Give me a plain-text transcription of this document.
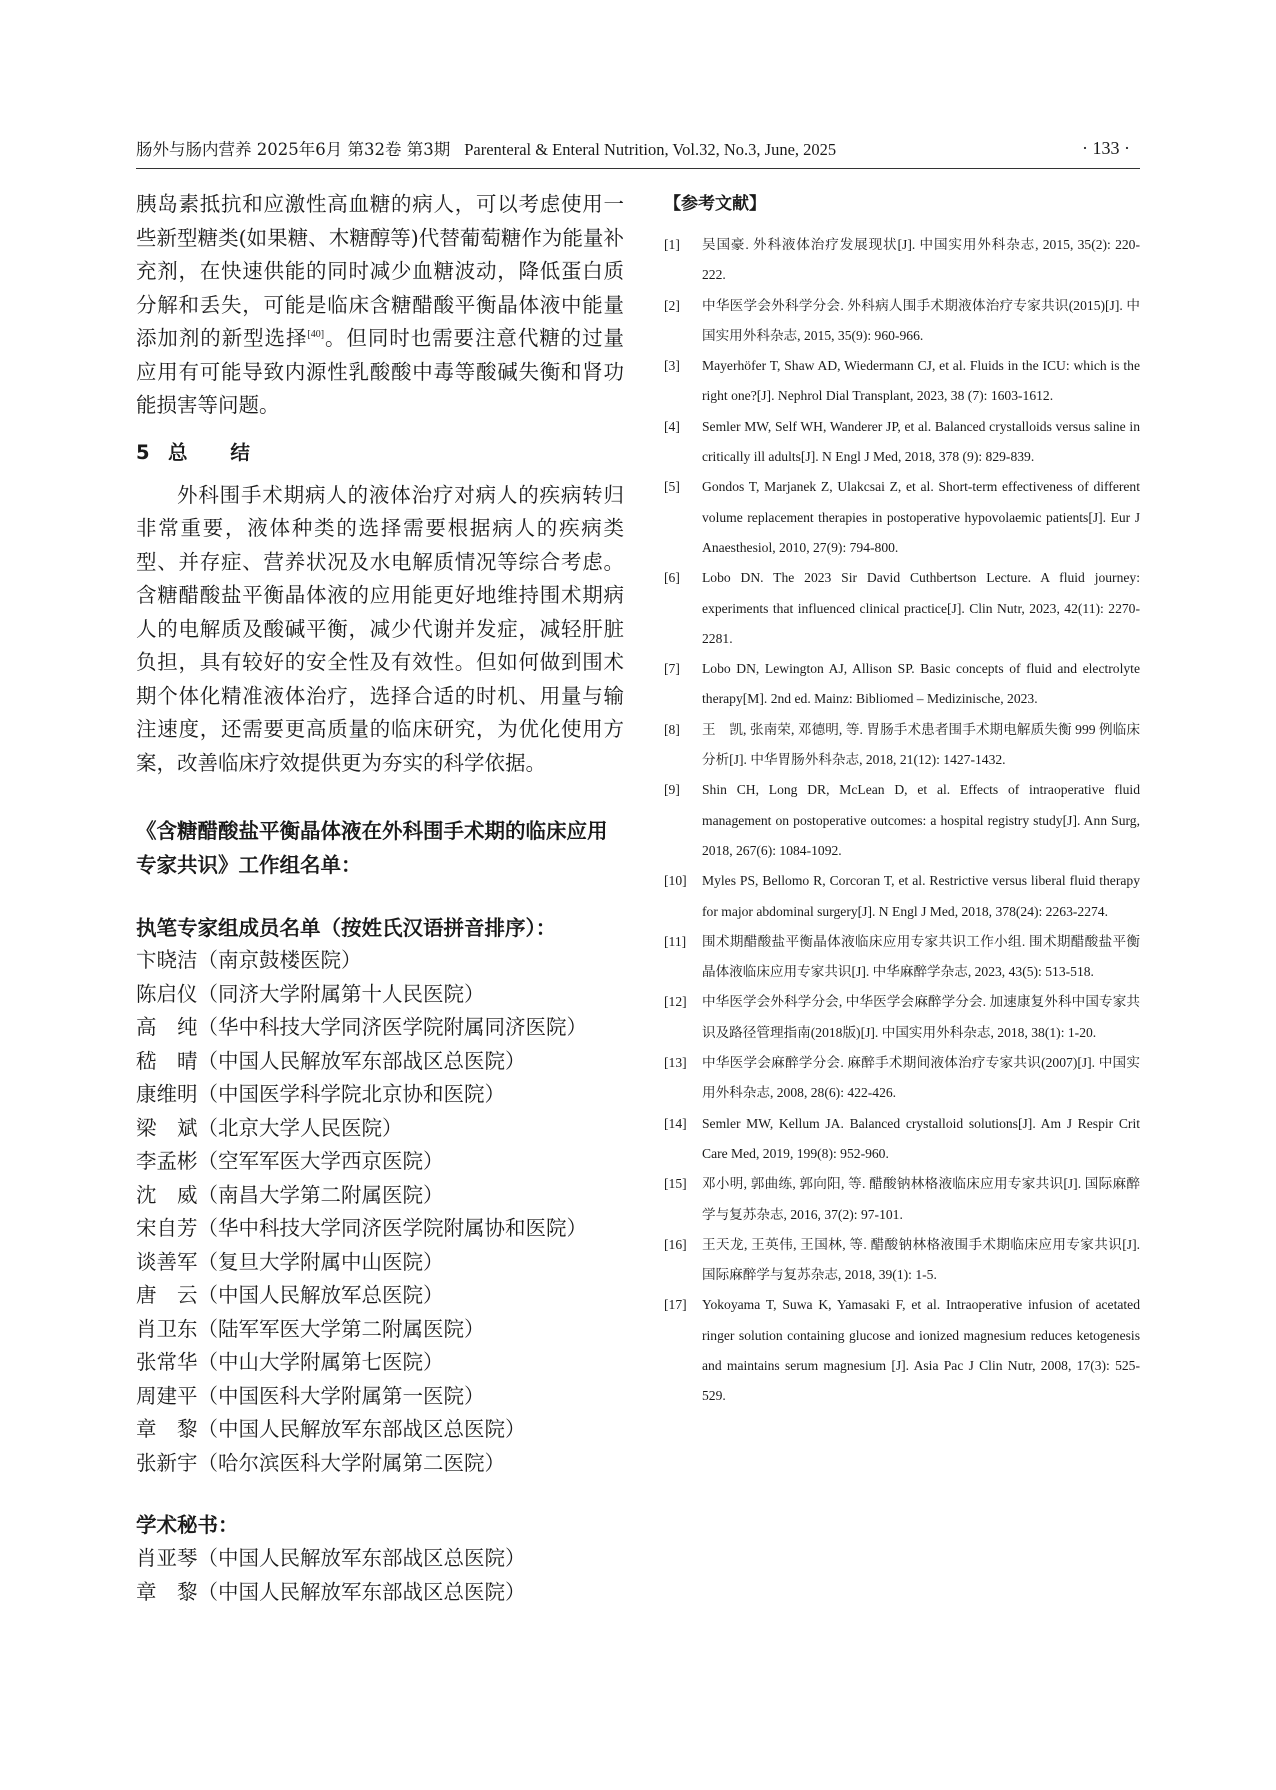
肠外与肠内营养 2025年6月 第32卷 第3期 Parenteral & Enteral Nutrition, Vol.32, No.3, June, 2025	· 133 ·

胰岛素抵抗和应激性高血糖的病人，可以考虑使用一些新型糖类(如果糖、木糖醇等)代替葡萄糖作为能量补充剂，在快速供能的同时减少血糖波动，降低蛋白质分解和丢失，可能是临床含糖醋酸平衡晶体液中能量添加剂的新型选择[40]。但同时也需要注意代糖的过量应用有可能导致内源性乳酸酸中毒等酸碱失衡和肾功能损害等问题。

5 总结

外科围手术期病人的液体治疗对病人的疾病转归非常重要，液体种类的选择需要根据病人的疾病类型、并存症、营养状况及水电解质情况等综合考虑。含糖醋酸盐平衡晶体液的应用能更好地维持围术期病人的电解质及酸碱平衡，减少代谢并发症，减轻肝脏负担，具有较好的安全性及有效性。但如何做到围术期个体化精准液体治疗，选择合适的时机、用量与输注速度，还需要更高质量的临床研究，为优化使用方案，改善临床疗效提供更为夯实的科学依据。

《含糖醋酸盐平衡晶体液在外科围手术期的临床应用专家共识》工作组名单：
执笔专家组成员名单（按姓氏汉语拼音排序）：
卞晓洁（南京鼓楼医院）
陈启仪（同济大学附属第十人民医院）
高　纯（华中科技大学同济医学院附属同济医院）
嵇　晴（中国人民解放军东部战区总医院）
康维明（中国医学科学院北京协和医院）
梁　斌（北京大学人民医院）
李孟彬（空军军医大学西京医院）
沈　威（南昌大学第二附属医院）
宋自芳（华中科技大学同济医学院附属协和医院）
谈善军（复旦大学附属中山医院）
唐　云（中国人民解放军总医院）
肖卫东（陆军军医大学第二附属医院）
张常华（中山大学附属第七医院）
周建平（中国医科大学附属第一医院）
章　黎（中国人民解放军东部战区总医院）
张新宇（哈尔滨医科大学附属第二医院）
学术秘书：
肖亚琴（中国人民解放军东部战区总医院）
章　黎（中国人民解放军东部战区总医院）
【参考文献】
[1] 吴国豪. 外科液体治疗发展现状[J]. 中国实用外科杂志, 2015, 35(2): 220-222.
[2] 中华医学会外科学分会. 外科病人围手术期液体治疗专家共识(2015)[J]. 中国实用外科杂志, 2015, 35(9): 960-966.
[3] Mayerhöfer T, Shaw AD, Wiedermann CJ, et al. Fluids in the ICU: which is the right one?[J]. Nephrol Dial Transplant, 2023, 38 (7): 1603-1612.
[4] Semler MW, Self WH, Wanderer JP, et al. Balanced crystalloids versus saline in critically ill adults[J]. N Engl J Med, 2018, 378 (9): 829-839.
[5] Gondos T, Marjanek Z, Ulakcsai Z, et al. Short-term effectiveness of different volume replacement therapies in postoperative hypovolaemic patients[J]. Eur J Anaesthesiol, 2010, 27(9): 794-800.
[6] Lobo DN. The 2023 Sir David Cuthbertson Lecture. A fluid journey: experiments that influenced clinical practice[J]. Clin Nutr, 2023, 42(11): 2270-2281.
[7] Lobo DN, Lewington AJ, Allison SP. Basic concepts of fluid and electrolyte therapy[M]. 2nd ed. Mainz: Bibliomed – Medizinische, 2023.
[8] 王　凯, 张南荣, 邓德明, 等. 胃肠手术患者围手术期电解质失衡 999 例临床分析[J]. 中华胃肠外科杂志, 2018, 21(12): 1427-1432.
[9] Shin CH, Long DR, McLean D, et al. Effects of intraoperative fluid management on postoperative outcomes: a hospital registry study[J]. Ann Surg, 2018, 267(6): 1084-1092.
[10] Myles PS, Bellomo R, Corcoran T, et al. Restrictive versus liberal fluid therapy for major abdominal surgery[J]. N Engl J Med, 2018, 378(24): 2263-2274.
[11] 围术期醋酸盐平衡晶体液临床应用专家共识工作小组. 围术期醋酸盐平衡晶体液临床应用专家共识[J]. 中华麻醉学杂志, 2023, 43(5): 513-518.
[12] 中华医学会外科学分会, 中华医学会麻醉学分会. 加速康复外科中国专家共识及路径管理指南(2018版)[J]. 中国实用外科杂志, 2018, 38(1): 1-20.
[13] 中华医学会麻醉学分会. 麻醉手术期间液体治疗专家共识(2007)[J]. 中国实用外科杂志, 2008, 28(6): 422-426.
[14] Semler MW, Kellum JA. Balanced crystalloid solutions[J]. Am J Respir Crit Care Med, 2019, 199(8): 952-960.
[15] 邓小明, 郭曲练, 郭向阳, 等. 醋酸钠林格液临床应用专家共识[J]. 国际麻醉学与复苏杂志, 2016, 37(2): 97-101.
[16] 王天龙, 王英伟, 王国林, 等. 醋酸钠林格液围手术期临床应用专家共识[J]. 国际麻醉学与复苏杂志, 2018, 39(1): 1-5.
[17] Yokoyama T, Suwa K, Yamasaki F, et al. Intraoperative infusion of acetated ringer solution containing glucose and ionized magnesium reduces ketogenesis and maintains serum magnesium [J]. Asia Pac J Clin Nutr, 2008, 17(3): 525-529.
